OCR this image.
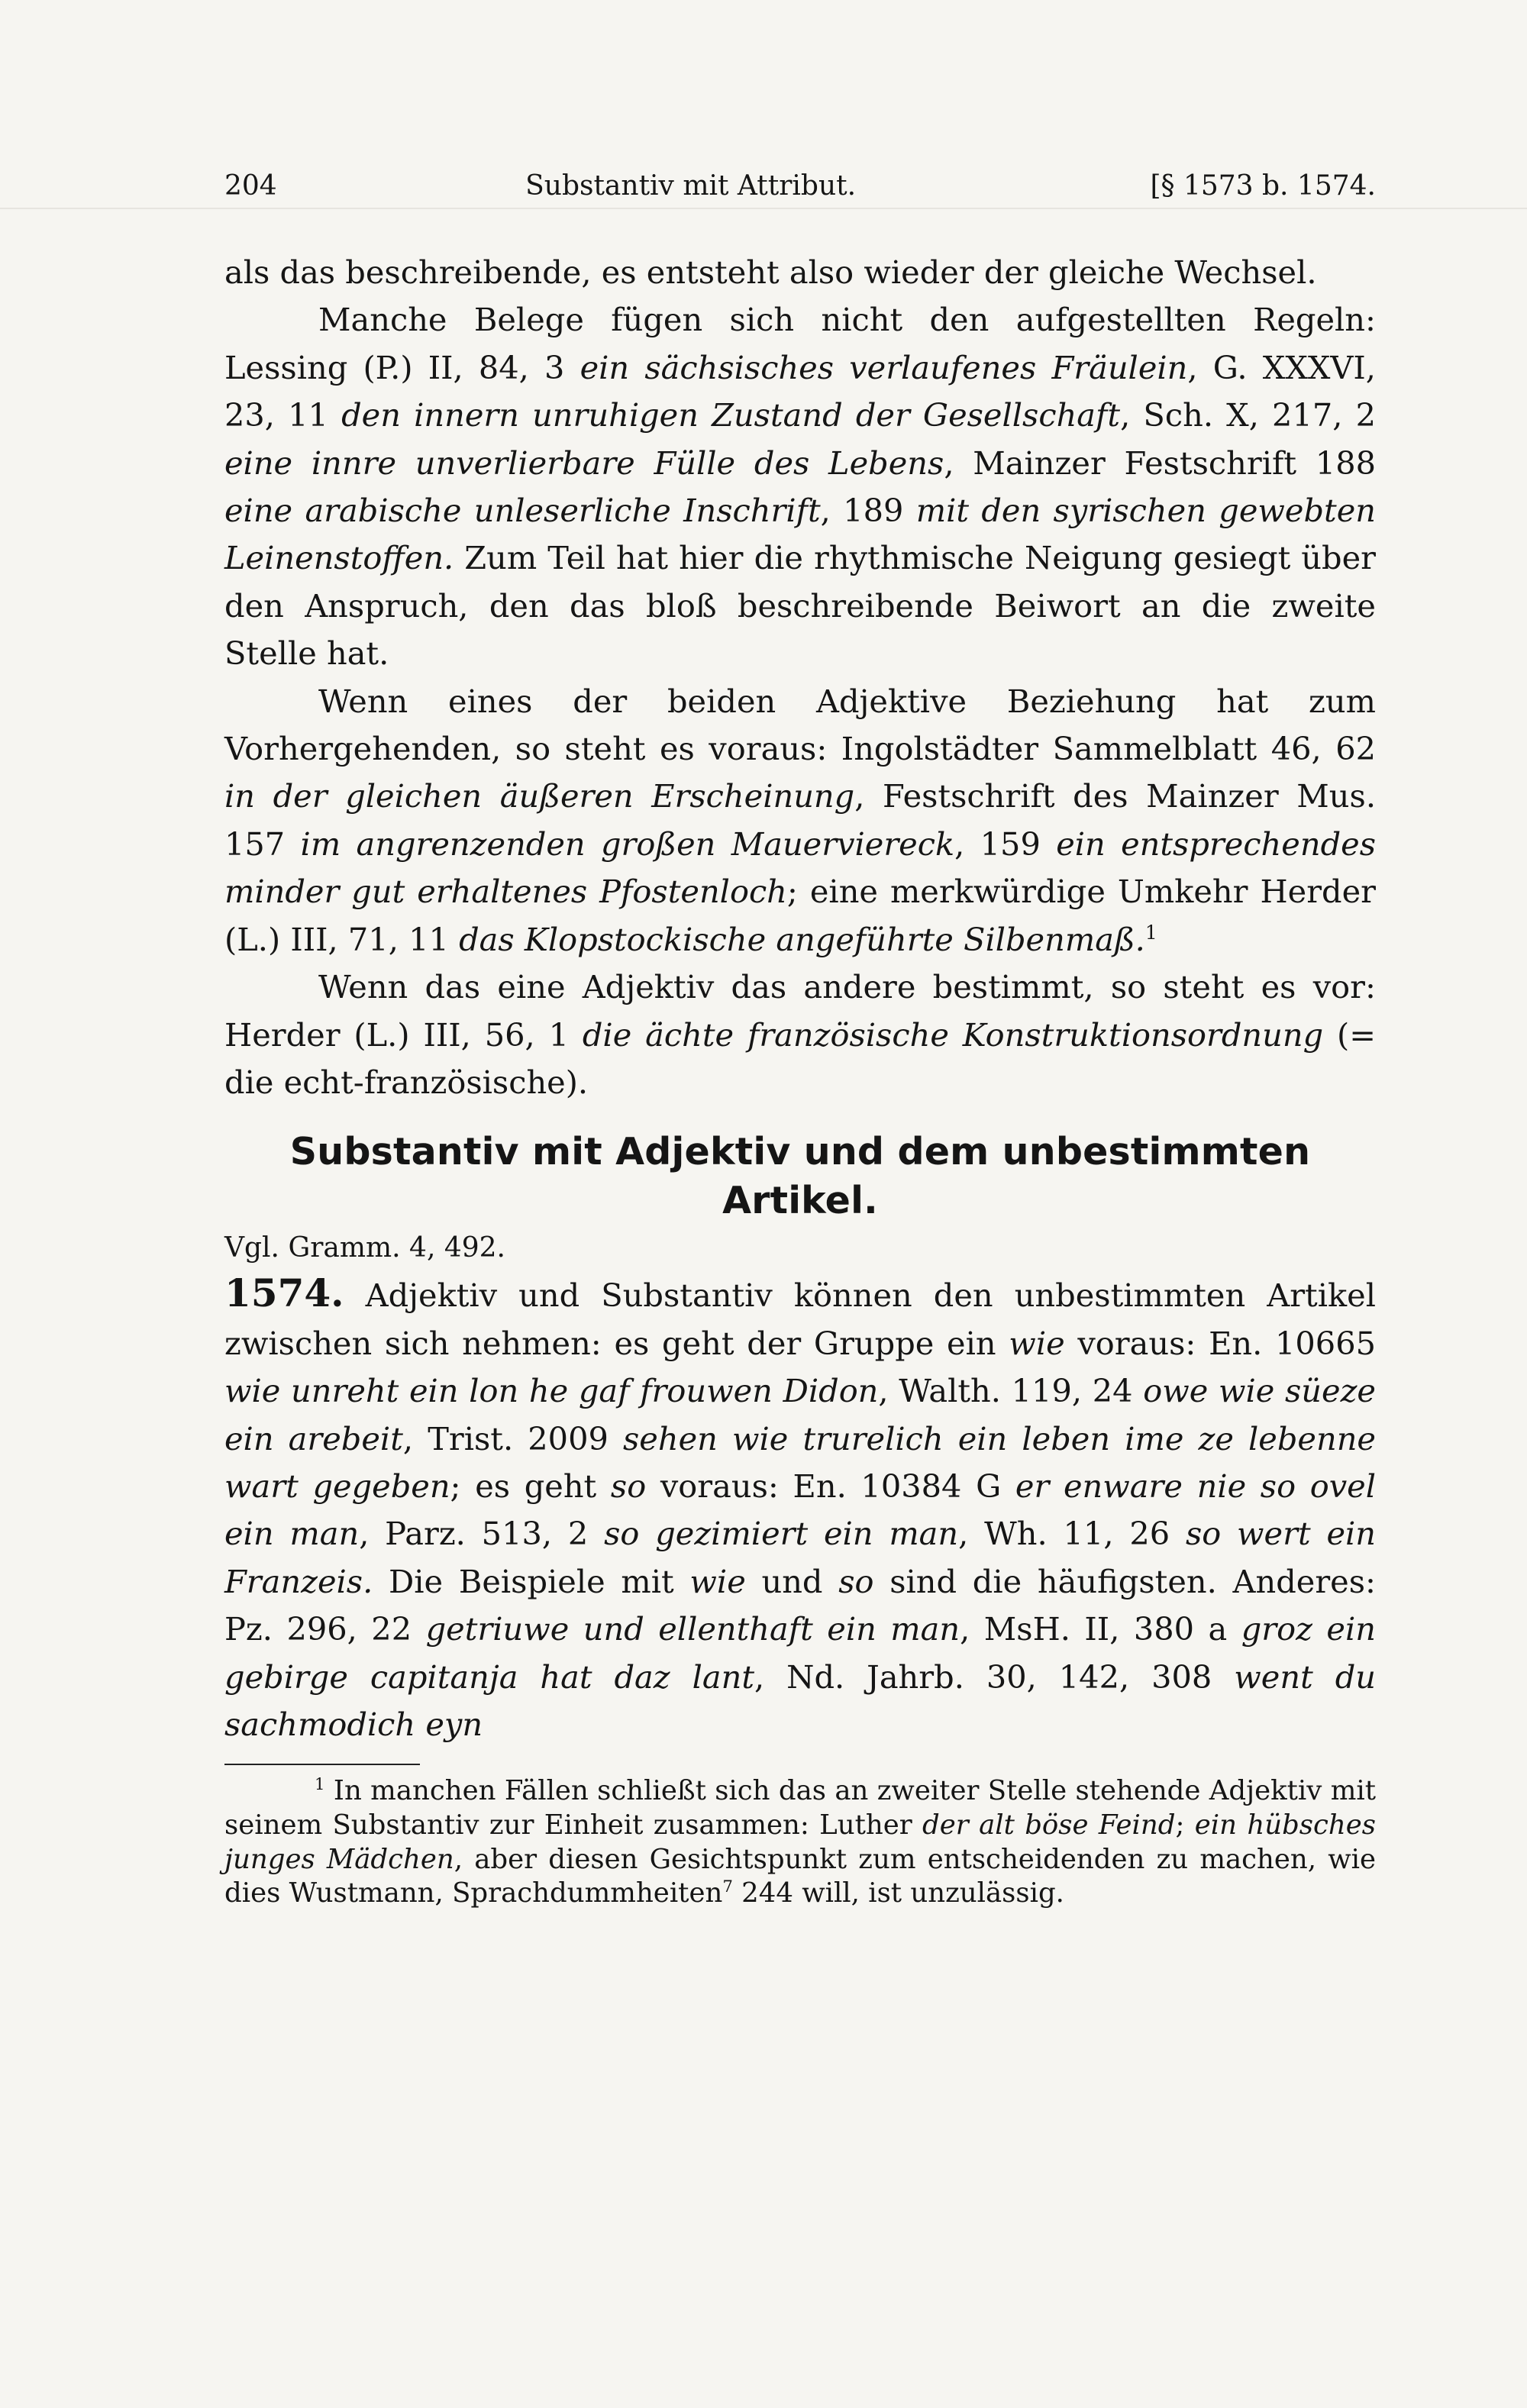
204	Substantiv mit Attribut.	[§ 1573 b. 1574.

als das beschreibende, es entsteht also wieder der gleiche Wechsel.

Manche Belege fügen sich nicht den aufgestellten Regeln: Lessing (P.) II, 84, 3 ein sächsisches verlaufenes Fräulein, G. XXXVI, 23, 11 den innern unruhigen Zustand der Gesellschaft, Sch. X, 217, 2 eine innre unverlierbare Fülle des Lebens, Mainzer Festschrift 188 eine arabische unleserliche Inschrift, 189 mit den syrischen gewebten Leinenstoffen. Zum Teil hat hier die rhythmische Neigung gesiegt über den Anspruch, den das bloß beschreibende Beiwort an die zweite Stelle hat.

Wenn eines der beiden Adjektive Beziehung hat zum Vorhergehenden, so steht es voraus: Ingolstädter Sammelblatt 46, 62 in der gleichen äußeren Erscheinung, Festschrift des Mainzer Mus. 157 im angrenzenden großen Mauerviereck, 159 ein entsprechendes minder gut erhaltenes Pfostenloch; eine merkwürdige Umkehr Herder (L.) III, 71, 11 das Klopstockische angeführte Silbenmaß.$^1$

Wenn das eine Adjektiv das andere bestimmt, so steht es vor: Herder (L.) III, 56, 1 die ächte französische Konstruktionsordnung (= die echt-französische).

Substantiv mit Adjektiv und dem unbestimmten
Artikel.
Vgl. Gramm. 4, 492.

1574. Adjektiv und Substantiv können den unbestimmten Artikel zwischen sich nehmen: es geht der Gruppe ein wie voraus: En. 10665 wie unreht ein lon he gaf frouwen Didon, Walth. 119, 24 owe wie süeze ein arebeit, Trist. 2009 sehen wie trurelich ein leben ime ze lebenne wart gegeben; es geht so voraus: En. 10384 G er enware nie so ovel ein man, Parz. 513, 2 so gezimiert ein man, Wh. 11, 26 so wert ein Franzeis. Die Beispiele mit wie und so sind die häufigsten. Anderes: Pz. 296, 22 getriuwe und ellenthaft ein man, MsH. II, 380 a groz ein gebirge capitanja hat daz lant, Nd. Jahrb. 30, 142, 308 went du sachmodich eyn

$^1$ In manchen Fällen schließt sich das an zweiter Stelle stehende Adjektiv mit seinem Substantiv zur Einheit zusammen: Luther der alt böse Feind; ein hübsches junges Mädchen, aber diesen Gesichtspunkt zum entscheidenden zu machen, wie dies Wustmann, Sprachdummheiten$^7$ 244 will, ist unzulässig.
